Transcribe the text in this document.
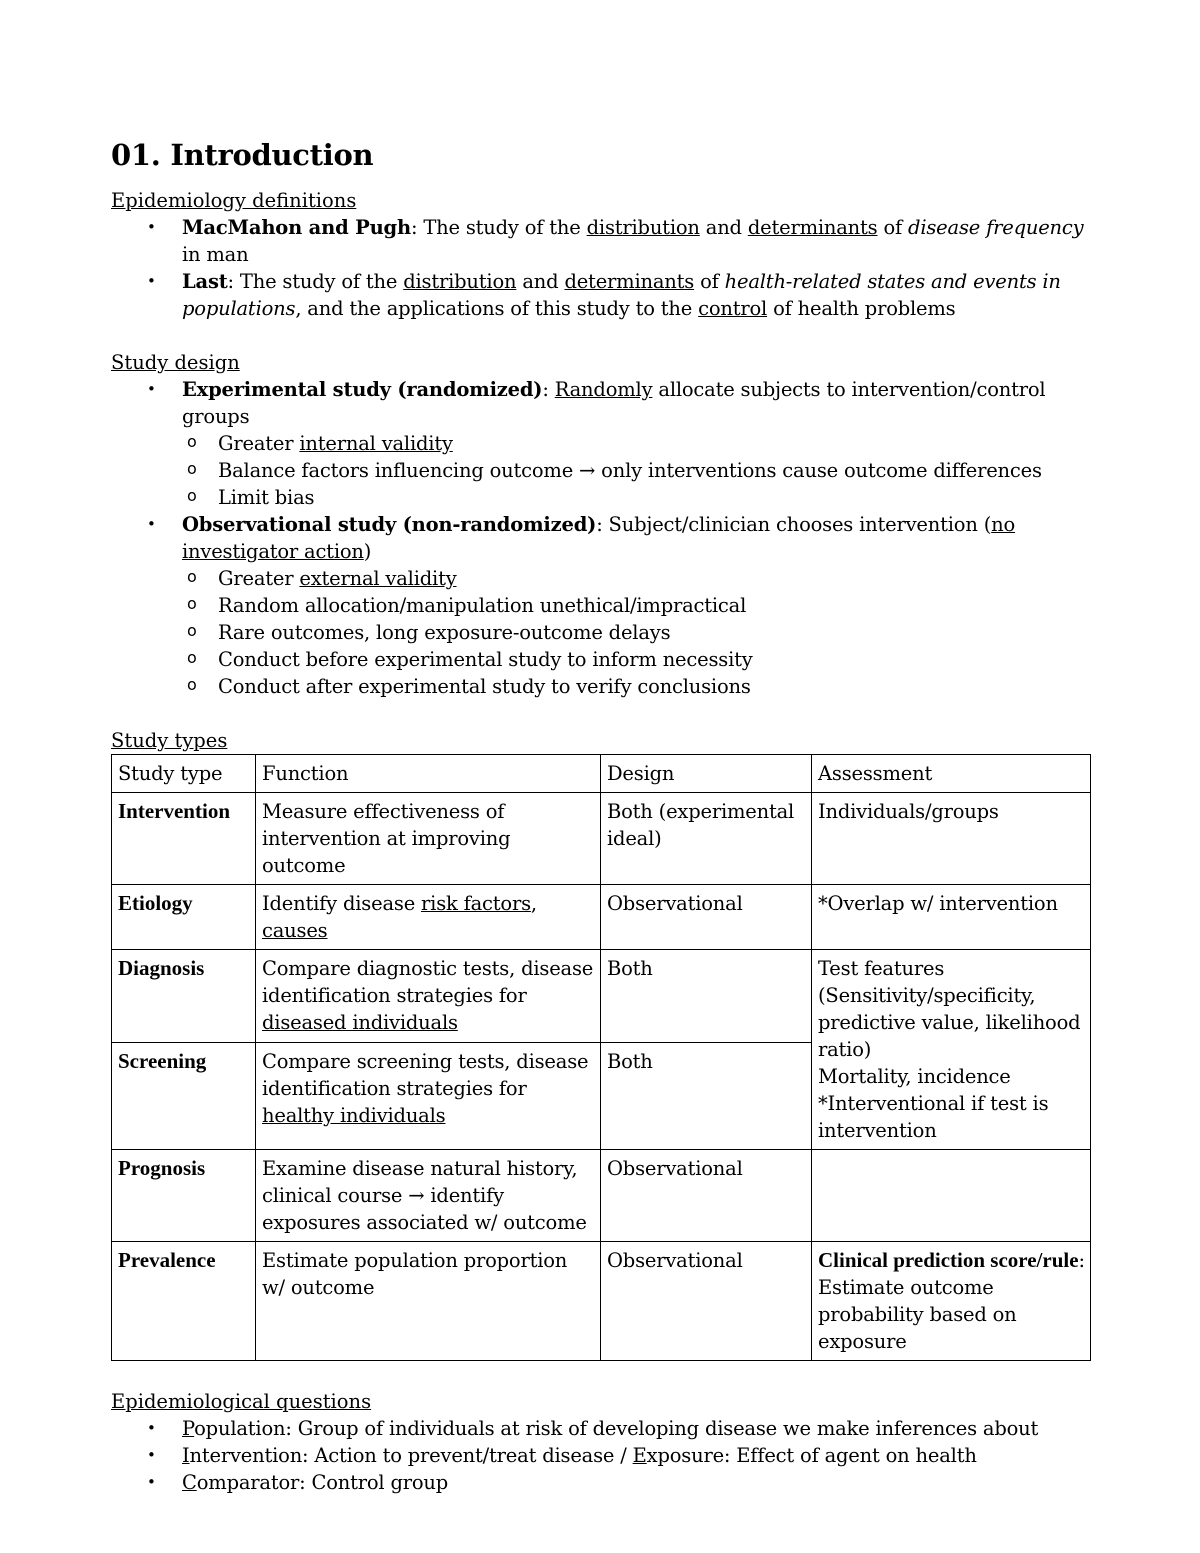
01. Introduction

Epidemiology definitions

• MacMahon and Pugh: The study of the distribution and determinants of disease frequency in man
• Last: The study of the distribution and determinants of health-related states and events in populations, and the applications of this study to the control of health problems

Study design

• Experimental study (randomized): Randomly allocate subjects to intervention/control groups
o Greater internal validity
o Balance factors influencing outcome → only interventions cause outcome differences
o Limit bias
• Observational study (non-randomized): Subject/clinician chooses intervention (no investigator action)
o Greater external validity
o Random allocation/manipulation unethical/impractical
o Rare outcomes, long exposure-outcome delays
o Conduct before experimental study to inform necessity
o Conduct after experimental study to verify conclusions

Study types

Study type	Function	Design	Assessment
Intervention	Measure effectiveness of intervention at improving outcome	Both (experimental ideal)	Individuals/groups
Etiology	Identify disease risk factors, causes	Observational	*Overlap w/ intervention
Diagnosis	Compare diagnostic tests, disease identification strategies for diseased individuals	Both	Test features (Sensitivity/specificity, predictive value, likelihood ratio)
Mortality, incidence
*Interventional if test is intervention
Screening	Compare screening tests, disease identification strategies for healthy individuals	Both	
Prognosis	Examine disease natural history, clinical course → identify exposures associated w/ outcome	Observational	
Prevalence	Estimate population proportion w/ outcome	Observational	Clinical prediction score/rule: Estimate outcome probability based on exposure

Epidemiological questions

• Population: Group of individuals at risk of developing disease we make inferences about
• Intervention: Action to prevent/treat disease / Exposure: Effect of agent on health
• Comparator: Control group
